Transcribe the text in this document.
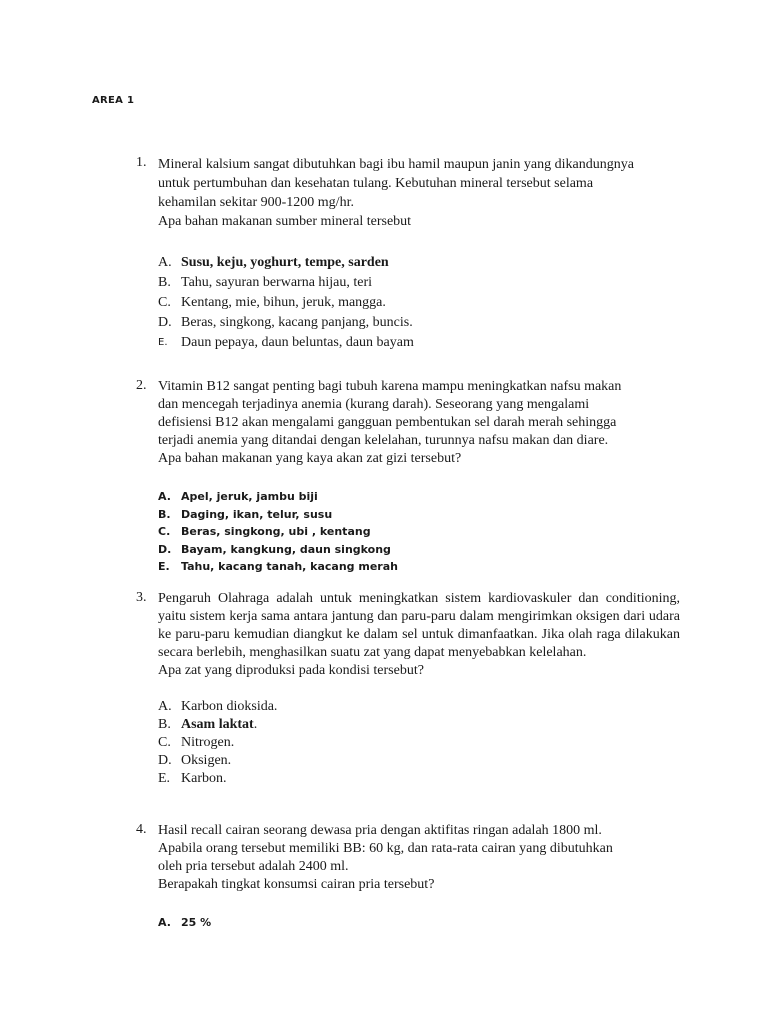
AREA 1
1. Mineral kalsium sangat dibutuhkan bagi ibu hamil maupun janin yang dikandungnya

untuk pertumbuhan dan kesehatan tulang. Kebutuhan mineral tersebut selama

kehamilan sekitar 900-1200 mg/hr.

Apa bahan makanan sumber mineral tersebut

A. Susu, keju, yoghurt, tempe, sarden
B. Tahu, sayuran berwarna hijau, teri
C. Kentang, mie, bihun, jeruk, mangga.
D. Beras, singkong, kacang panjang, buncis.
E. Daun pepaya, daun beluntas, daun bayam
2. Vitamin B12 sangat penting bagi tubuh karena mampu meningkatkan nafsu makan

dan mencegah terjadinya anemia (kurang darah). Seseorang yang mengalami

defisiensi B12 akan mengalami gangguan pembentukan sel darah merah sehingga

terjadi anemia yang ditandai dengan kelelahan, turunnya nafsu makan dan diare.

Apa bahan makanan yang kaya akan zat gizi tersebut?

A. Apel, jeruk, jambu biji
B. Daging, ikan, telur, susu
C. Beras, singkong, ubi , kentang
D. Bayam, kangkung, daun singkong
E. Tahu, kacang tanah, kacang merah
3. Pengaruh Olahraga adalah untuk meningkatkan sistem kardiovaskuler dan conditioning, yaitu sistem kerja sama antara jantung dan paru-paru dalam mengirimkan oksigen dari udara ke paru-paru kemudian diangkut ke dalam sel untuk dimanfaatkan. Jika olah raga dilakukan secara berlebih, menghasilkan suatu zat yang dapat menyebabkan kelelahan.

Apa zat yang diproduksi pada kondisi tersebut?

A. Karbon dioksida.
B. Asam laktat.
C. Nitrogen.
D. Oksigen.
E. Karbon.
4. Hasil recall cairan seorang dewasa pria dengan aktifitas ringan adalah 1800 ml.

Apabila orang tersebut memiliki BB: 60 kg, dan rata-rata cairan yang dibutuhkan

oleh pria tersebut adalah 2400 ml.

Berapakah tingkat konsumsi cairan pria tersebut?

A. 25 %
